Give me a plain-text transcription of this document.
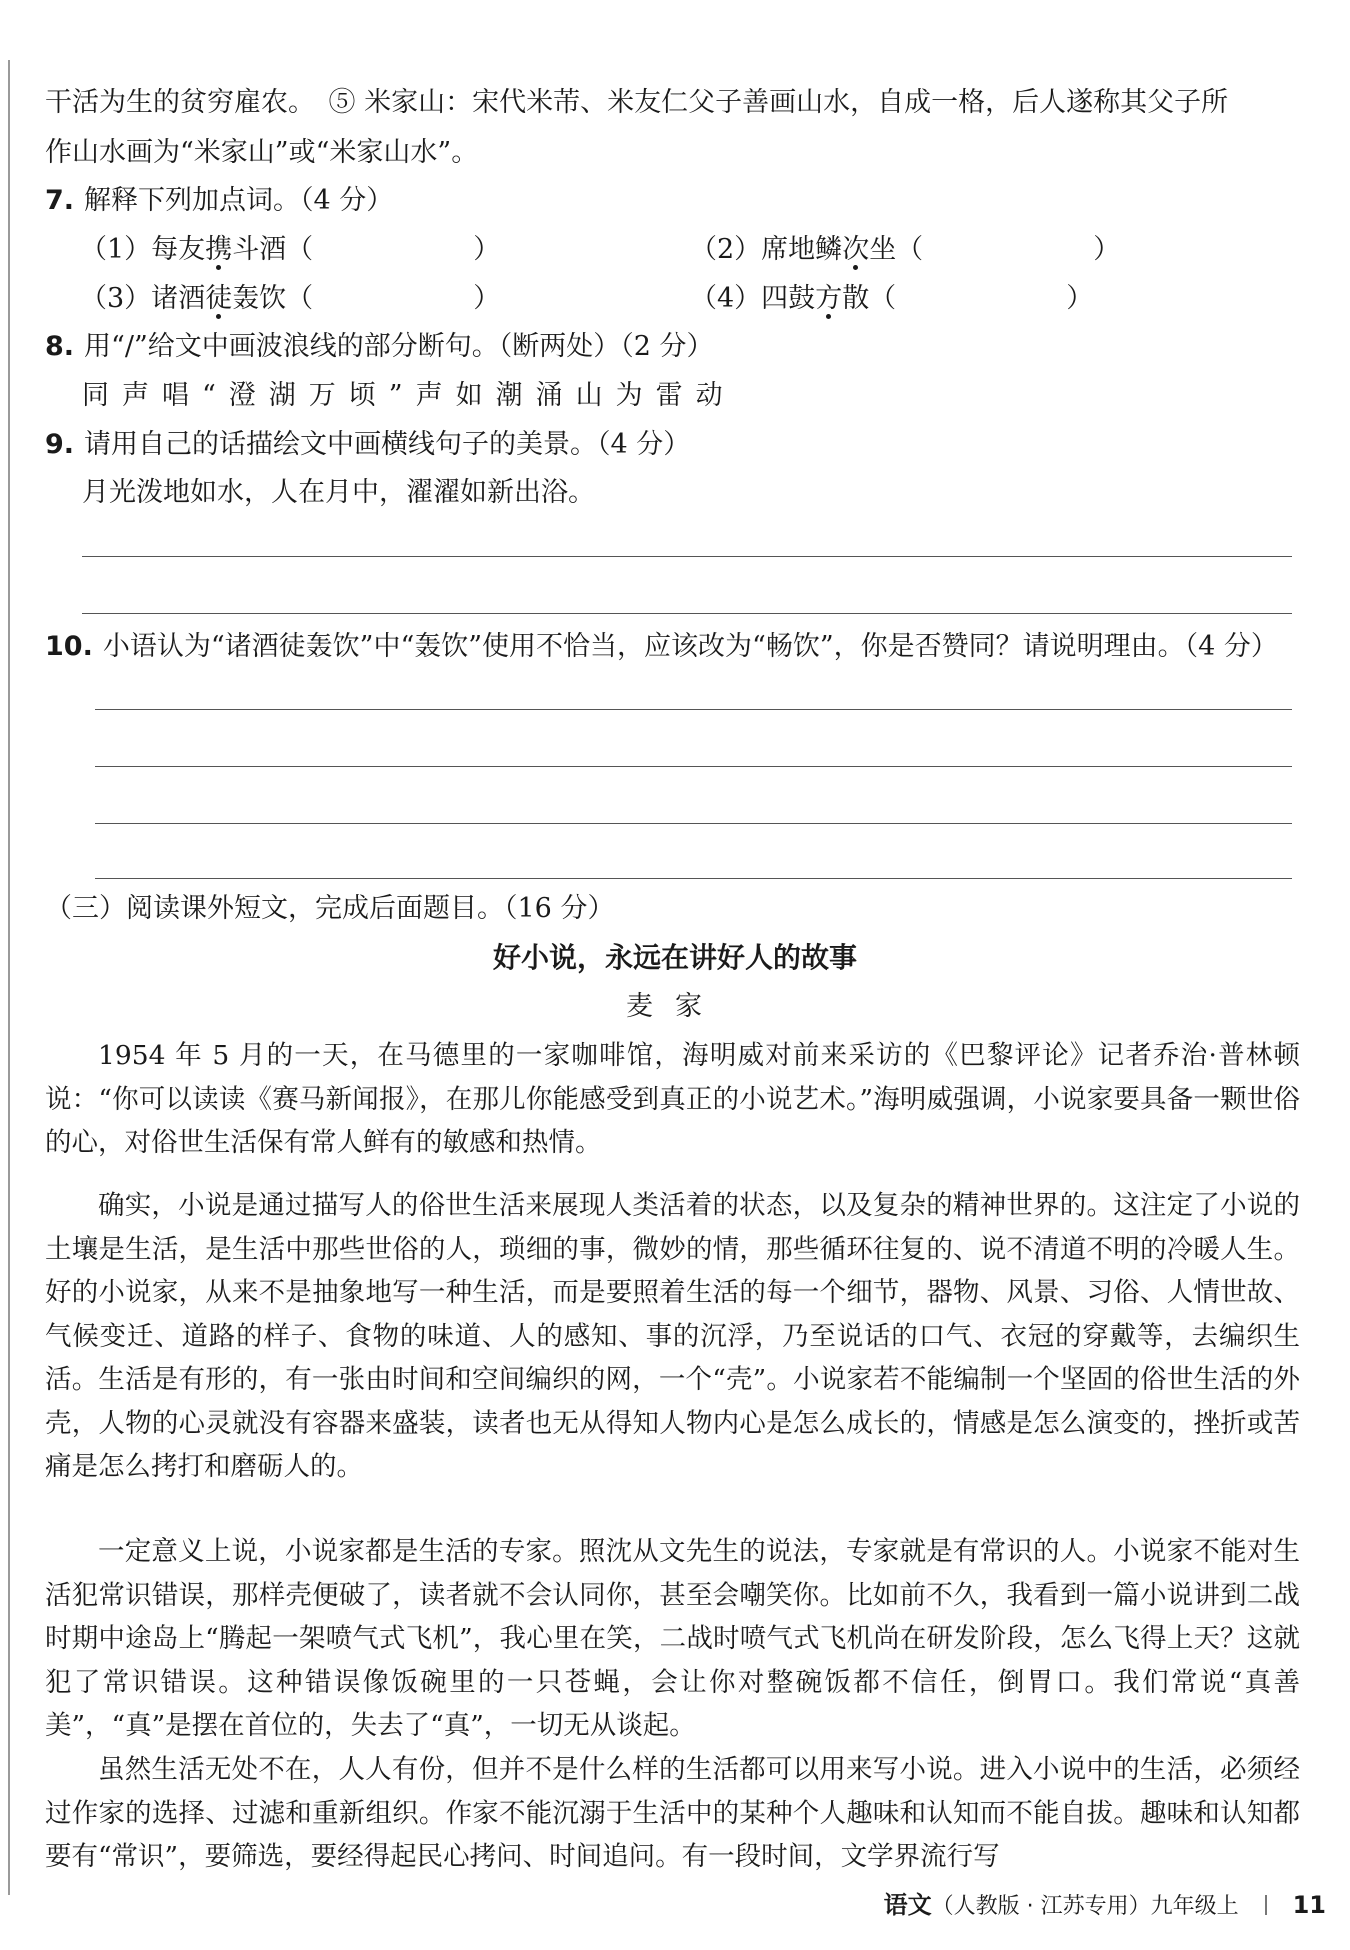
干活为生的贫穷雇农。　⑤ 米家山：宋代米芾、米友仁父子善画山水，自成一格，后人遂称其父子所
作山水画为“米家山”或“米家山水”。
7. 解释下列加点词。（4 分）
（1）每友携斗酒（	）	（2）席地鳞次坐（	）
（3）诸酒徒轰饮（	）	（4）四鼓方散（	）
8. 用“/”给文中画波浪线的部分断句。（断两处）（2 分）
同声唱“澄湖万顷”声如潮涌山为雷动
9. 请用自己的话描绘文中画横线句子的美景。（4 分）
月光泼地如水，人在月中，濯濯如新出浴。
10. 小语认为“诸酒徒轰饮”中“轰饮”使用不恰当，应该改为“畅饮”，你是否赞同？请说明理由。（4 分）
（三）阅读课外短文，完成后面题目。（16 分）
好小说，永远在讲好人的故事
麦家
1954 年 5 月的一天，在马德里的一家咖啡馆，海明威对前来采访的《巴黎评论》记者乔治·普林顿说：“你可以读读《赛马新闻报》，在那儿你能感受到真正的小说艺术。”海明威强调，小说家要具备一颗世俗的心，对俗世生活保有常人鲜有的敏感和热情。
确实，小说是通过描写人的俗世生活来展现人类活着的状态，以及复杂的精神世界的。这注定了小说的土壤是生活，是生活中那些世俗的人，琐细的事，微妙的情，那些循环往复的、说不清道不明的冷暖人生。好的小说家，从来不是抽象地写一种生活，而是要照着生活的每一个细节，器物、风景、习俗、人情世故、气候变迁、道路的样子、食物的味道、人的感知、事的沉浮，乃至说话的口气、衣冠的穿戴等，去编织生活。生活是有形的，有一张由时间和空间编织的网，一个“壳”。小说家若不能编制一个坚固的俗世生活的外壳，人物的心灵就没有容器来盛装，读者也无从得知人物内心是怎么成长的，情感是怎么演变的，挫折或苦痛是怎么拷打和磨砺人的。
一定意义上说，小说家都是生活的专家。照沈从文先生的说法，专家就是有常识的人。小说家不能对生活犯常识错误，那样壳便破了，读者就不会认同你，甚至会嘲笑你。比如前不久，我看到一篇小说讲到二战时期中途岛上“腾起一架喷气式飞机”，我心里在笑，二战时喷气式飞机尚在研发阶段，怎么飞得上天？这就犯了常识错误。这种错误像饭碗里的一只苍蝇，会让你对整碗饭都不信任，倒胃口。我们常说“真善美”，“真”是摆在首位的，失去了“真”，一切无从谈起。
虽然生活无处不在，人人有份，但并不是什么样的生活都可以用来写小说。进入小说中的生活，必须经过作家的选择、过滤和重新组织。作家不能沉溺于生活中的某种个人趣味和认知而不能自拔。趣味和认知都要有“常识”，要筛选，要经得起民心拷问、时间追问。有一段时间，文学界流行写
语文（人教版 · 江苏专用）九年级上 11
